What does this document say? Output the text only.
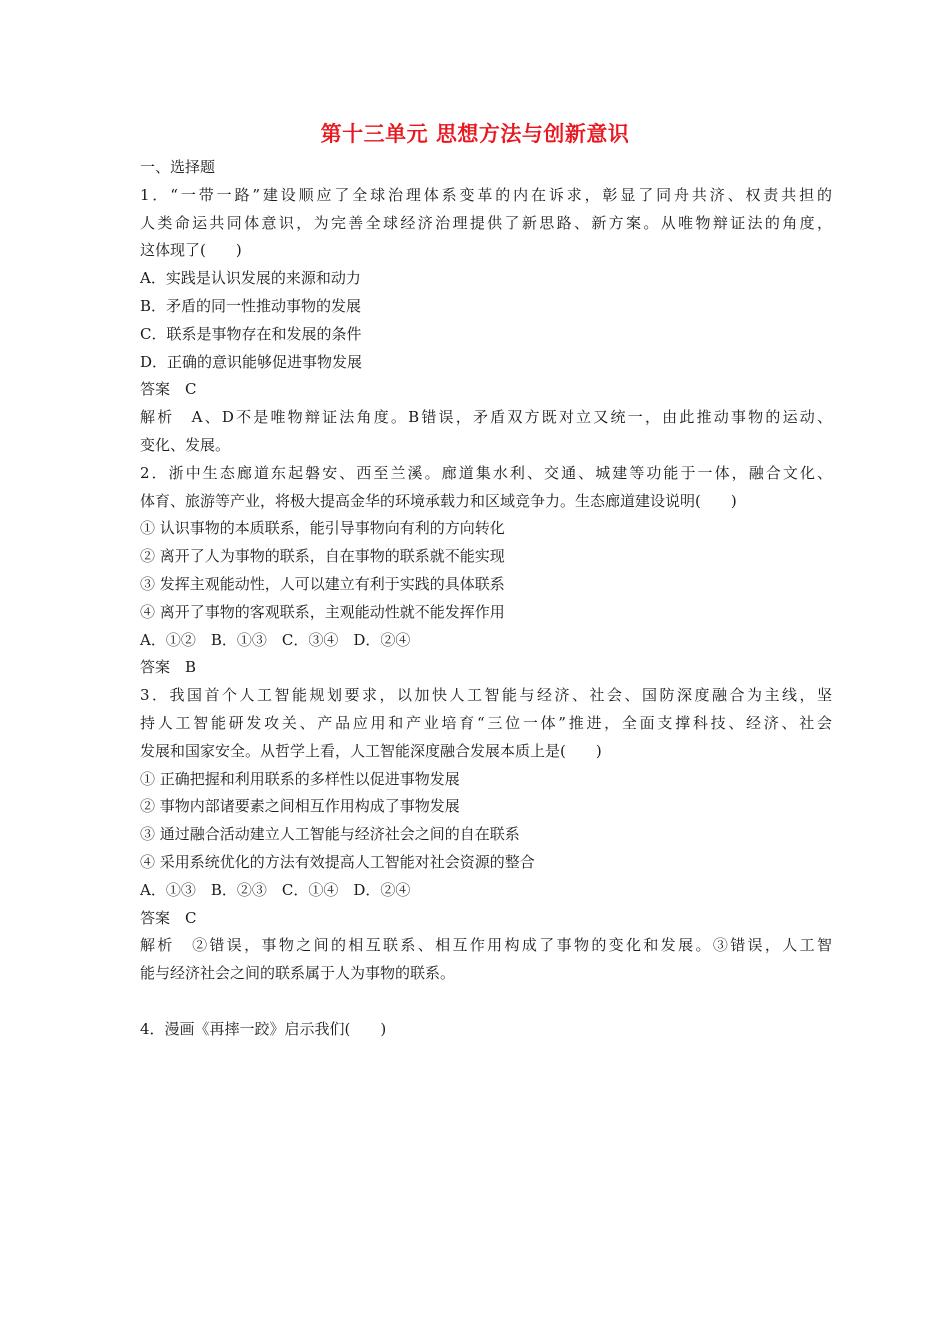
第十三单元 思想方法与创新意识
一、选择题
1．“一带一路”建设顺应了全球治理体系变革的内在诉求，彰显了同舟共济、权责共担的
人类命运共同体意识，为完善全球经济治理提供了新思路、新方案。从唯物辩证法的角度，
这体现了(　　)
A．实践是认识发展的来源和动力
B．矛盾的同一性推动事物的发展
C．联系是事物存在和发展的条件
D．正确的意识能够促进事物发展
答案　C
解析　A、D不是唯物辩证法角度。B错误，矛盾双方既对立又统一，由此推动事物的运动、
变化、发展。
2．浙中生态廊道东起磐安、西至兰溪。廊道集水利、交通、城建等功能于一体，融合文化、
体育、旅游等产业，将极大提高金华的环境承载力和区域竞争力。生态廊道建设说明(　　)
① 认识事物的本质联系，能引导事物向有利的方向转化
② 离开了人为事物的联系，自在事物的联系就不能实现
③ 发挥主观能动性，人可以建立有利于实践的具体联系
④ 离开了事物的客观联系，主观能动性就不能发挥作用
A．①②　B．①③　C．③④　D．②④
答案　B
3．我国首个人工智能规划要求，以加快人工智能与经济、社会、国防深度融合为主线，坚
持人工智能研发攻关、产品应用和产业培育“三位一体”推进，全面支撑科技、经济、社会
发展和国家安全。从哲学上看，人工智能深度融合发展本质上是(　　)
① 正确把握和利用联系的多样性以促进事物发展
② 事物内部诸要素之间相互作用构成了事物发展
③ 通过融合活动建立人工智能与经济社会之间的自在联系
④ 采用系统优化的方法有效提高人工智能对社会资源的整合
A．①③　B．②③　C．①④　D．②④
答案　C
解析　②错误，事物之间的相互联系、相互作用构成了事物的变化和发展。③错误，人工智
能与经济社会之间的联系属于人为事物的联系。
4．漫画《再摔一跤》启示我们(　　)
